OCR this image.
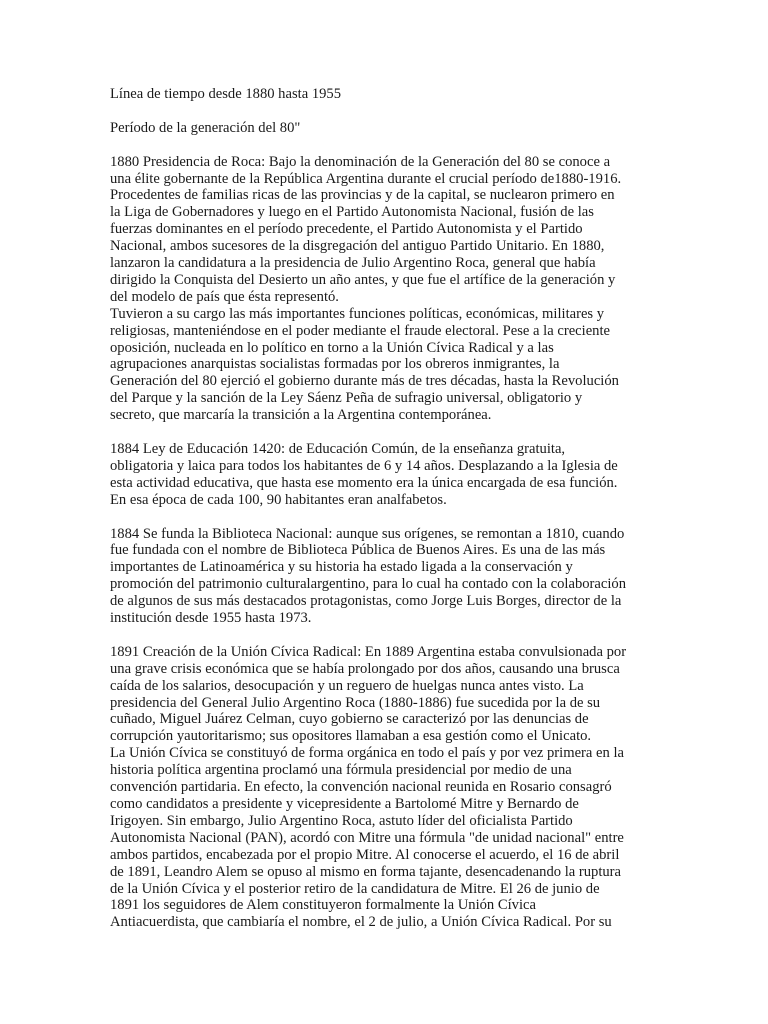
Línea de tiempo desde 1880 hasta 1955
Período de la generación del 80"
1880 Presidencia de Roca: Bajo la denominación de la Generación del 80 se conoce a
una élite gobernante de la República Argentina durante el crucial período de1880-1916.
Procedentes de familias ricas de las provincias y de la capital, se nuclearon primero en
la Liga de Gobernadores y luego en el Partido Autonomista Nacional, fusión de las
fuerzas dominantes en el período precedente, el Partido Autonomista y el Partido
Nacional, ambos sucesores de la disgregación del antiguo Partido Unitario. En 1880,
lanzaron la candidatura a la presidencia de Julio Argentino Roca, general que había
dirigido la Conquista del Desierto un año antes, y que fue el artífice de la generación y
del modelo de país que ésta representó.
Tuvieron a su cargo las más importantes funciones políticas, económicas, militares y
religiosas, manteniéndose en el poder mediante el fraude electoral. Pese a la creciente
oposición, nucleada en lo político en torno a la Unión Cívica Radical y a las
agrupaciones anarquistas socialistas formadas por los obreros inmigrantes, la
Generación del 80 ejerció el gobierno durante más de tres décadas, hasta la Revolución
del Parque y la sanción de la Ley Sáenz Peña de sufragio universal, obligatorio y
secreto, que marcaría la transición a la Argentina contemporánea.
1884 Ley de Educación 1420: de Educación Común, de la enseñanza gratuita,
obligatoria y laica para todos los habitantes de 6 y 14 años. Desplazando a la Iglesia de
esta actividad educativa, que hasta ese momento era la única encargada de esa función.
En esa época de cada 100, 90 habitantes eran analfabetos.
1884 Se funda la Biblioteca Nacional: aunque sus orígenes, se remontan a 1810, cuando
fue fundada con el nombre de Biblioteca Pública de Buenos Aires. Es una de las más
importantes de Latinoamérica y su historia ha estado ligada a la conservación y
promoción del patrimonio culturalargentino, para lo cual ha contado con la colaboración
de algunos de sus más destacados protagonistas, como Jorge Luis Borges, director de la
institución desde 1955 hasta 1973.
1891 Creación de la Unión Cívica Radical: En 1889 Argentina estaba convulsionada por
una grave crisis económica que se había prolongado por dos años, causando una brusca
caída de los salarios, desocupación y un reguero de huelgas nunca antes visto. La
presidencia del General Julio Argentino Roca (1880-1886) fue sucedida por la de su
cuñado, Miguel Juárez Celman, cuyo gobierno se caracterizó por las denuncias de
corrupción yautoritarismo; sus opositores llamaban a esa gestión como el Unicato.
La Unión Cívica se constituyó de forma orgánica en todo el país y por vez primera en la
historia política argentina proclamó una fórmula presidencial por medio de una
convención partidaria. En efecto, la convención nacional reunida en Rosario consagró
como candidatos a presidente y vicepresidente a Bartolomé Mitre y Bernardo de
Irigoyen. Sin embargo, Julio Argentino Roca, astuto líder del oficialista Partido
Autonomista Nacional (PAN), acordó con Mitre una fórmula "de unidad nacional" entre
ambos partidos, encabezada por el propio Mitre. Al conocerse el acuerdo, el 16 de abril
de 1891, Leandro Alem se opuso al mismo en forma tajante, desencadenando la ruptura
de la Unión Cívica y el posterior retiro de la candidatura de Mitre. El 26 de junio de
1891 los seguidores de Alem constituyeron formalmente la Unión Cívica
Antiacuerdista, que cambiaría el nombre, el 2 de julio, a Unión Cívica Radical. Por su
